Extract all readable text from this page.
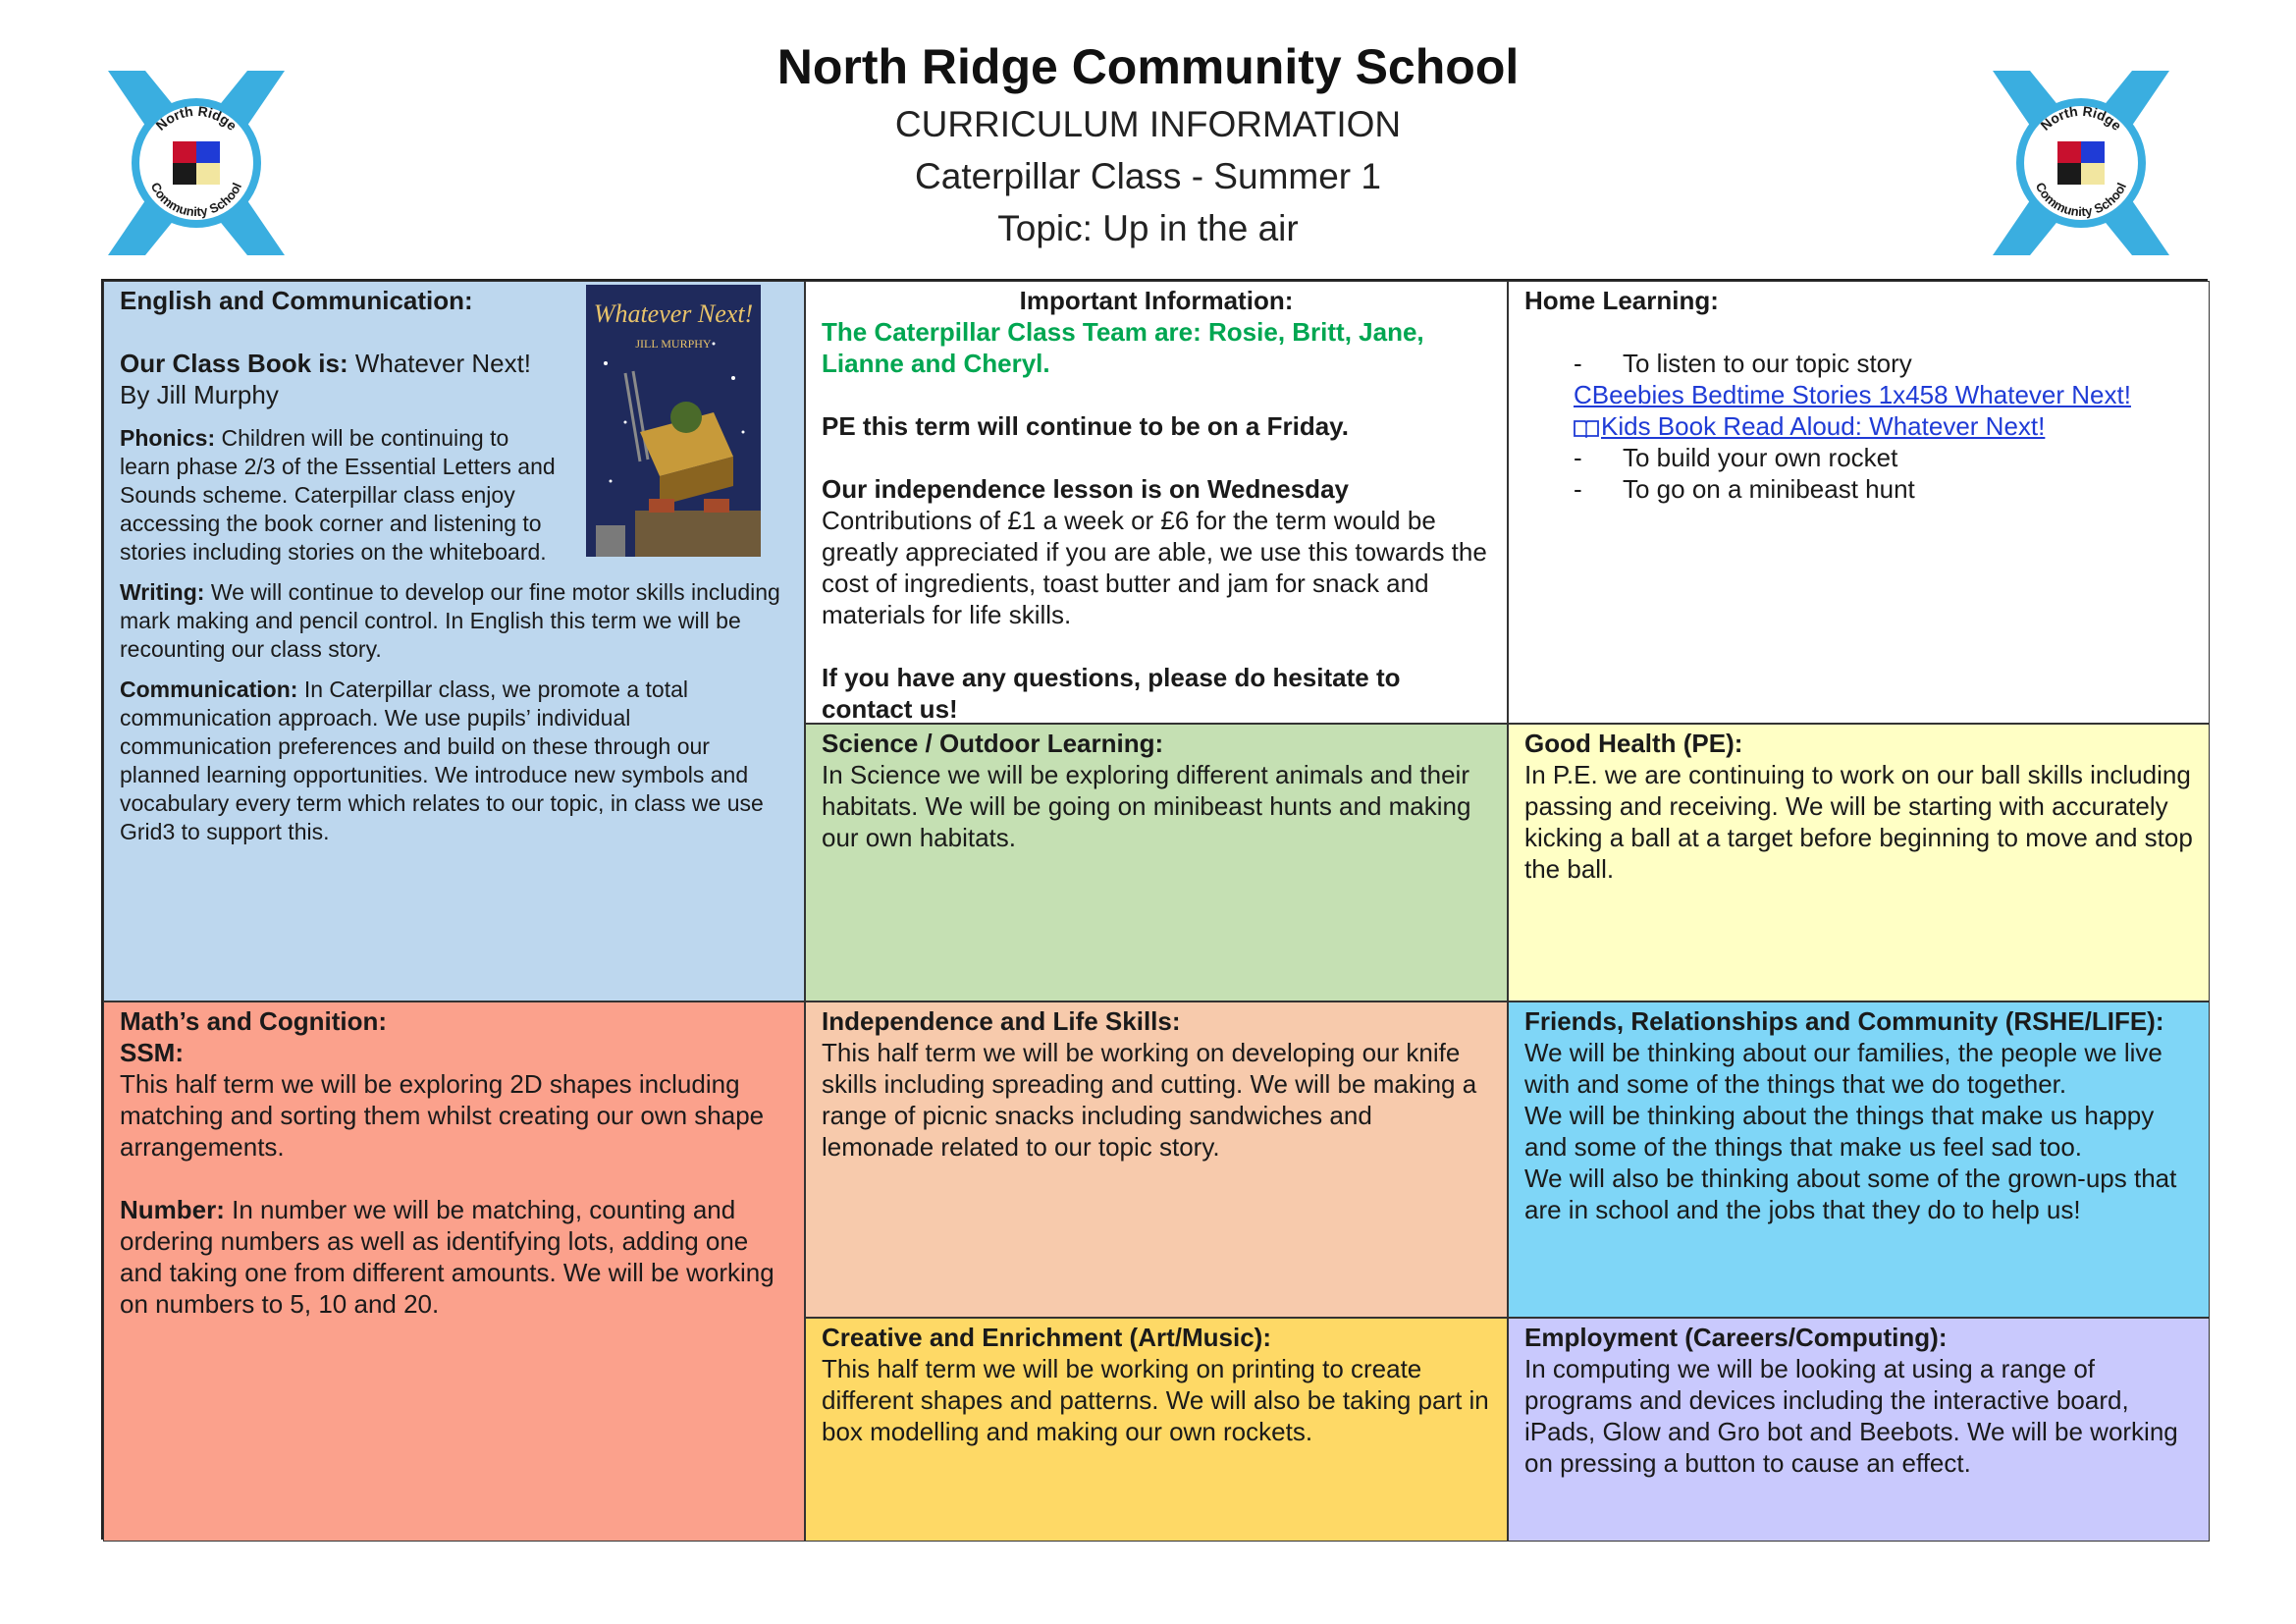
North Ridge Community School
CURRICULUM INFORMATION
Caterpillar Class - Summer 1
Topic: Up in the air
North Ridge
Community School
North Ridge
Community School

English and Communication:

Our Class Book is: Whatever Next! By Jill Murphy

Phonics: Children will be continuing to learn phase 2/3 of the Essential Letters and Sounds scheme. Caterpillar class enjoy accessing the book corner and listening to stories including stories on the whiteboard.

Writing: We will continue to develop our fine motor skills including mark making and pencil control. In English this term we will be recounting our class story.

Communication: In Caterpillar class, we promote a total communication approach. We use pupils’ individual communication preferences and build on these through our planned learning opportunities. We introduce new symbols and vocabulary every term which relates to our topic, in class we use Grid3 to support this.

Whatever Next!
JILL MURPHY

Important Information:

The Caterpillar Class Team are: Rosie, Britt, Jane, Lianne and Cheryl.

PE this term will continue to be on a Friday.

Our independence lesson is on Wednesday

Contributions of £1 a week or £6 for the term would be greatly appreciated if you are able, we use this towards the cost of ingredients, toast butter and jam for snack and materials for life skills.

If you have any questions, please do hesitate to contact us!

Home Learning:

- To listen to our topic story
CBeebies Bedtime Stories 1x458 Whatever Next!
Kids Book Read Aloud: Whatever Next!
- To build your own rocket
- To go on a minibeast hunt

Science / Outdoor Learning:

In Science we will be exploring different animals and their habitats. We will be going on minibeast hunts and making our own habitats.

Good Health (PE):

In P.E. we are continuing to work on our ball skills including passing and receiving. We will be starting with accurately kicking a ball at a target before beginning to move and stop the ball.

Math’s and Cognition:

SSM:

This half term we will be exploring 2D shapes including matching and sorting them whilst creating our own shape arrangements.

Number: In number we will be matching, counting and ordering numbers as well as identifying lots, adding one and taking one from different amounts. We will be working on numbers to 5, 10 and 20.

Independence and Life Skills:

This half term we will be working on developing our knife skills including spreading and cutting. We will be making a range of picnic snacks including sandwiches and lemonade related to our topic story.

Friends, Relationships and Community (RSHE/LIFE):

We will be thinking about our families, the people we live with and some of the things that we do together.

We will be thinking about the things that make us happy and some of the things that make us feel sad too.

We will also be thinking about some of the grown-ups that are in school and the jobs that they do to help us!

Creative and Enrichment (Art/Music):

This half term we will be working on printing to create different shapes and patterns. We will also be taking part in box modelling and making our own rockets.

Employment (Careers/Computing):

In computing we will be looking at using a range of programs and devices including the interactive board, iPads, Glow and Gro bot and Beebots. We will be working on pressing a button to cause an effect.
